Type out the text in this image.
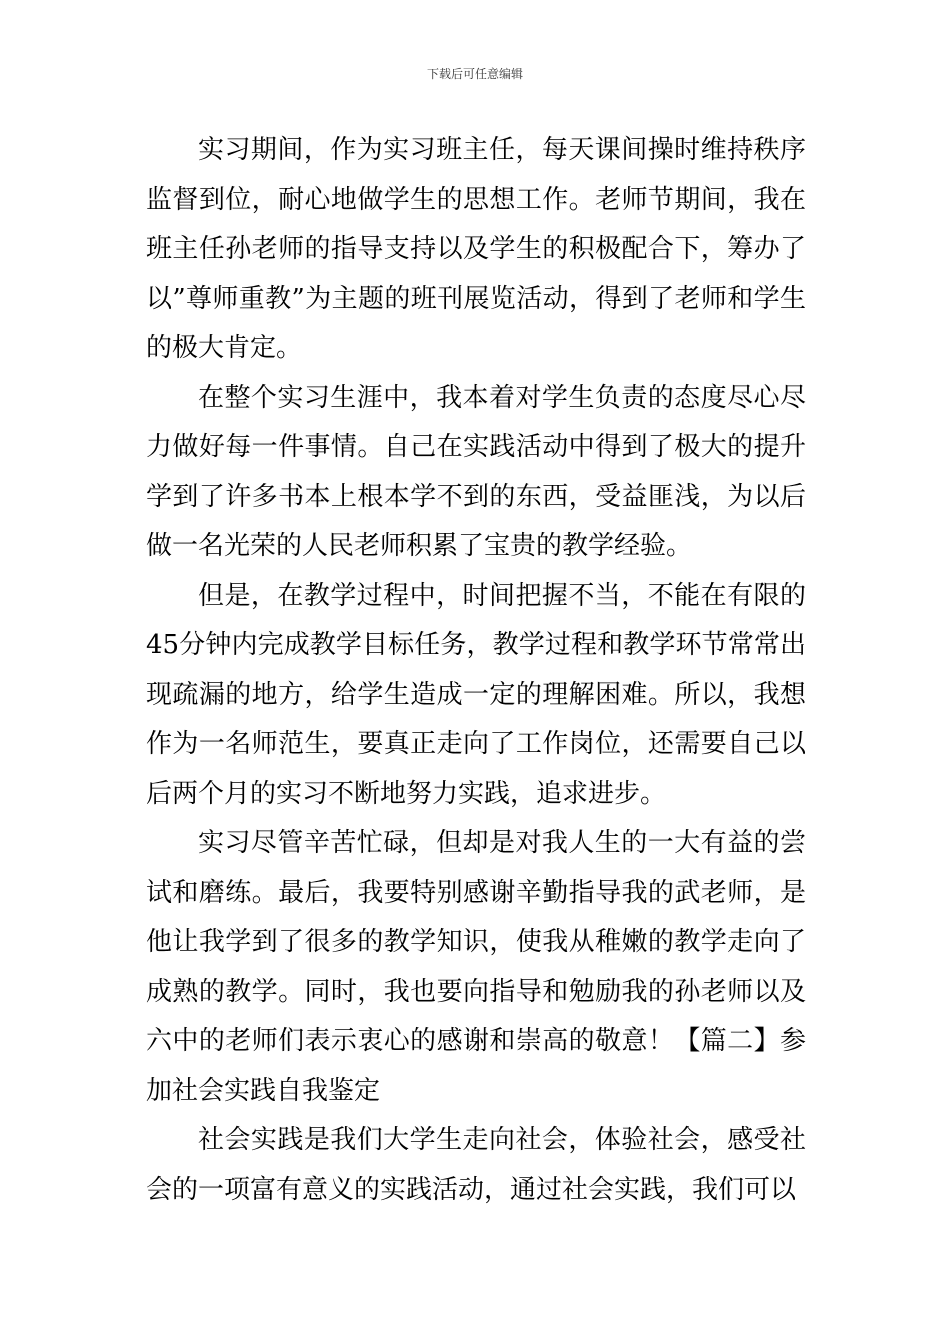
下载后可任意编辑

实习期间，作为实习班主任，每天课间操时维持秩序监督到位，耐心地做学生的思想工作。老师节期间，我在班主任孙老师的指导支持以及学生的积极配合下，筹办了以”尊师重教”为主题的班刊展览活动，得到了老师和学生的极大肯定。

在整个实习生涯中，我本着对学生负责的态度尽心尽力做好每一件事情。自己在实践活动中得到了极大的提升学到了许多书本上根本学不到的东西，受益匪浅，为以后做一名光荣的人民老师积累了宝贵的教学经验。

但是，在教学过程中，时间把握不当，不能在有限的45分钟内完成教学目标任务，教学过程和教学环节常常出现疏漏的地方，给学生造成一定的理解困难。所以，我想作为一名师范生，要真正走向了工作岗位，还需要自己以后两个月的实习不断地努力实践，追求进步。

实习尽管辛苦忙碌，但却是对我人生的一大有益的尝试和磨练。最后，我要特别感谢辛勤指导我的武老师，是他让我学到了很多的教学知识，使我从稚嫩的教学走向了成熟的教学。同时，我也要向指导和勉励我的孙老师以及六中的老师们表示衷心的感谢和崇高的敬意！【篇二】参加社会实践自我鉴定

社会实践是我们大学生走向社会，体验社会，感受社会的一项富有意义的实践活动，通过社会实践，我们可以
